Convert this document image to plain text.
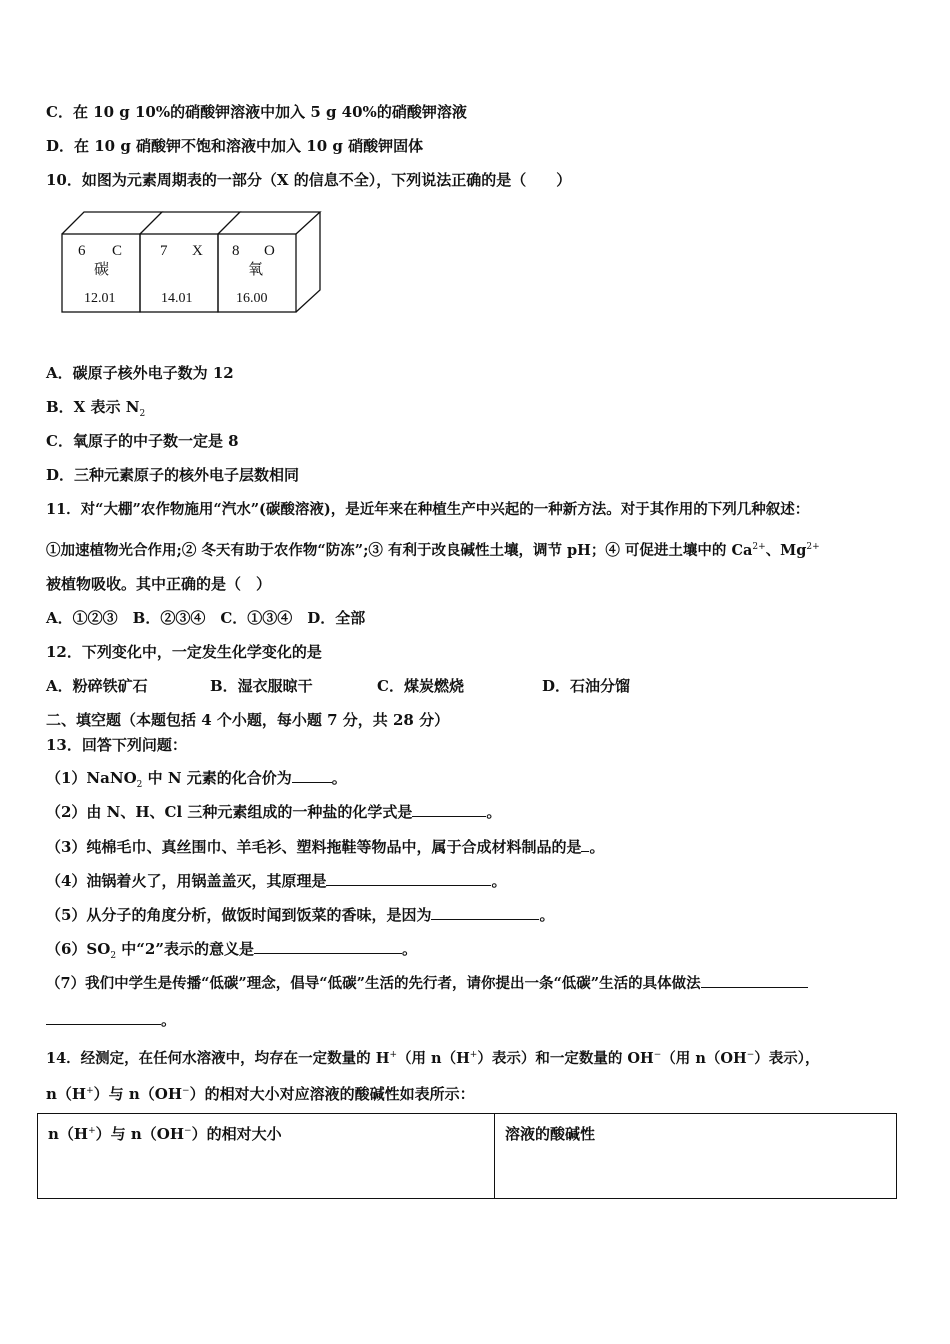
C．在 10 g 10%的硝酸钾溶液中加入 5 g 40%的硝酸钾溶液
D．在 10 g 硝酸钾不饱和溶液中加入 10 g 硝酸钾固体
10．如图为元素周期表的一部分（X 的信息不全），下列说法正确的是（　　）
6 C
碳
12.01
7 X
14.01
8 O
氧
16.00
A．碳原子核外电子数为 12
B．X 表示 $N_2$
C．氧原子的中子数一定是 8
D．三种元素原子的核外电子层数相同
11．对“大棚”农作物施用“汽水”(碳酸溶液)，是近年来在种植生产中兴起的一种新方法。对于其作用的下列几种叙述：
①加速植物光合作用;② 冬天有助于农作物“防冻”;③ 有利于改良碱性土壤，调节 pH；④ 可促进土壤中的 $Ca^{2+}$、$Mg^{2+}$
被植物吸收。其中正确的是（　）
A．①②③　B．②③④　C．①③④　D．全部
12．下列变化中，一定发生化学变化的是
A．粉碎铁矿石	B．湿衣服晾干	C．煤炭燃烧	D．石油分馏
二、填空题（本题包括 4 个小题，每小题 7 分，共 28 分）
13．回答下列问题：
（1）NaNO$_2$ 中 N 元素的化合价为	。
（2）由 N、H、Cl 三种元素组成的一种盐的化学式是	。
（3）纯棉毛巾、真丝围巾、羊毛衫、塑料拖鞋等物品中，属于合成材料制品的是 。
（4）油锅着火了，用锅盖盖灭，其原理是	。
（5）从分子的角度分析，做饭时闻到饭菜的香味，是因为	。
$(6)SO_2$ 中“2”表示的意义是	。
（7）我们中学生是传播“低碳”理念，倡导“低碳”生活的先行者，请你提出一条“低碳”生活的具体做法
。
14．经测定，在任何水溶液中，均存在一定数量的 H+（用 n（H+）表示）和一定数量的 OH−（用 n（OH−）表示），
n（H+）与 n（OH−）的相对大小对应溶液的酸碱性如表所示：
n（H+）与 n（OH−）的相对大小	溶液的酸碱性
